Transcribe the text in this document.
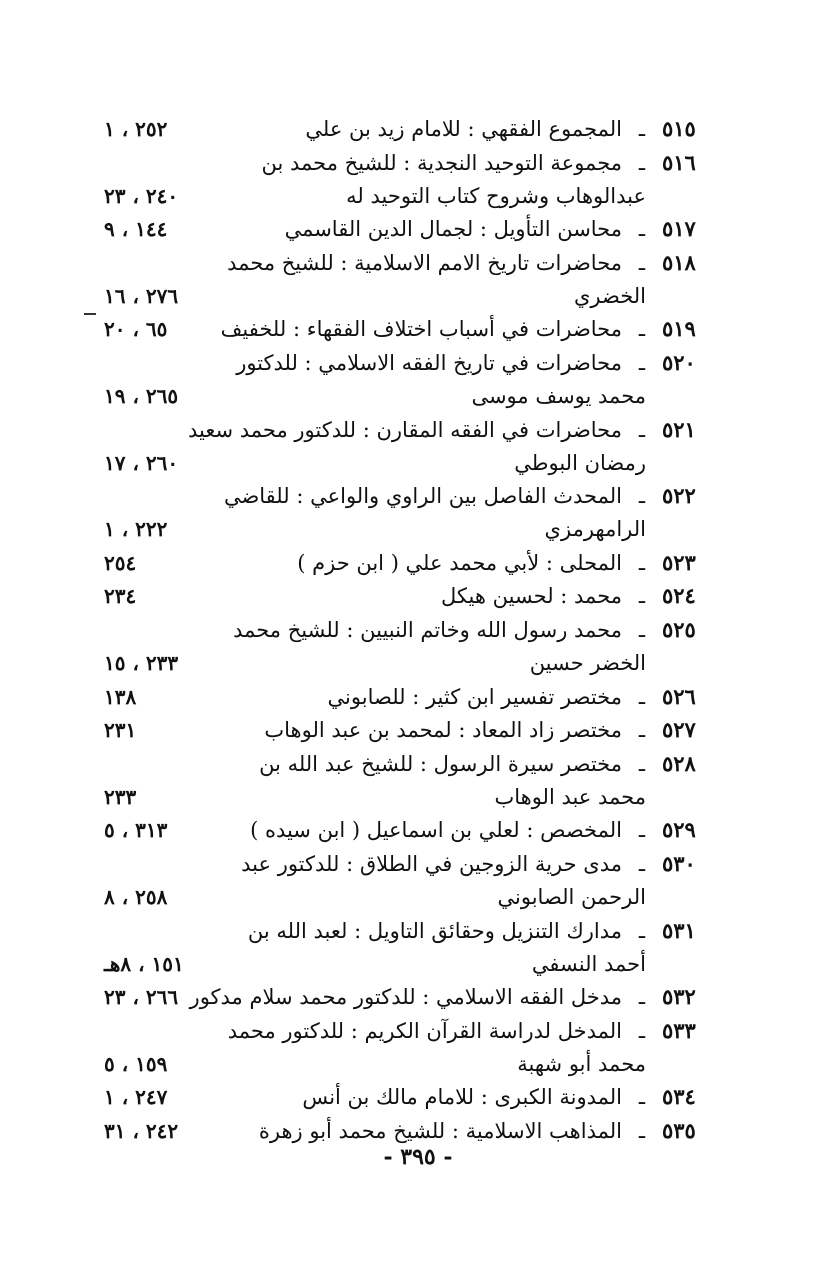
٥١٥
ـ
المجموع الفقهي : للامام زيد بن علي
٢٥٢ ، ١
٥١٦
ـ
مجموعة التوحيد النجدية : للشيخ محمد بن
عبدالوهاب وشروح كتاب التوحيد له
٢٤٠ ، ٢٣
٥١٧
ـ
محاسن التأويل : لجمال الدين القاسمي
١٤٤ ، ٩
٥١٨
ـ
محاضرات تاريخ الامم الاسلامية : للشيخ محمد
الخضري
٢٧٦ ، ١٦
٥١٩
ـ
محاضرات في أسباب اختلاف الفقهاء : للخفيف
٦٥ ، ٢٠
٥٢٠
ـ
محاضرات في تاريخ الفقه الاسلامي : للدكتور
محمد يوسف موسى
٢٦٥ ، ١٩
٥٢١
ـ
محاضرات في الفقه المقارن : للدكتور محمد سعيد
رمضان البوطي
٢٦٠ ، ١٧
٥٢٢
ـ
المحدث الفاصل بين الراوي والواعي : للقاضي
الرامهرمزي
٢٢٢ ، ١
٥٢٣
ـ
المحلى : لأبي محمد علي ( ابن حزم )
٢٥٤
٥٢٤
ـ
محمد : لحسين هيكل
٢٣٤
٥٢٥
ـ
محمد رسول الله وخاتم النبيين : للشيخ محمد
الخضر حسين
٢٣٣ ، ١٥
٥٢٦
ـ
مختصر تفسير ابن كثير : للصابوني
١٣٨
٥٢٧
ـ
مختصر زاد المعاد : لمحمد بن عبد الوهاب
٢٣١
٥٢٨
ـ
مختصر سيرة الرسول : للشيخ عبد الله بن
محمد عبد الوهاب
٢٣٣
٥٢٩
ـ
المخصص : لعلي بن اسماعيل ( ابن سيده )
٣١٣ ، ٥
٥٣٠
ـ
مدى حرية الزوجين في الطلاق : للدكتور عبد
الرحمن الصابوني
٢٥٨ ، ٨
٥٣١
ـ
مدارك التنزيل وحقائق التاويل : لعبد الله بن
أحمد النسفي
١٥١ ، ٨هـ
٥٣٢
ـ
مدخل الفقه الاسلامي : للدكتور محمد سلام مدكور
٢٦٦ ، ٢٣
٥٣٣
ـ
المدخل لدراسة القرآن الكريم : للدكتور محمد
محمد أبو شهبة
١٥٩ ، ٥
٥٣٤
ـ
المدونة الكبرى : للامام مالك بن أنس
٢٤٧ ، ١
٥٣٥
ـ
المذاهب الاسلامية : للشيخ محمد أبو زهرة
٢٤٢ ، ٣١
- ٣٩٥ -
